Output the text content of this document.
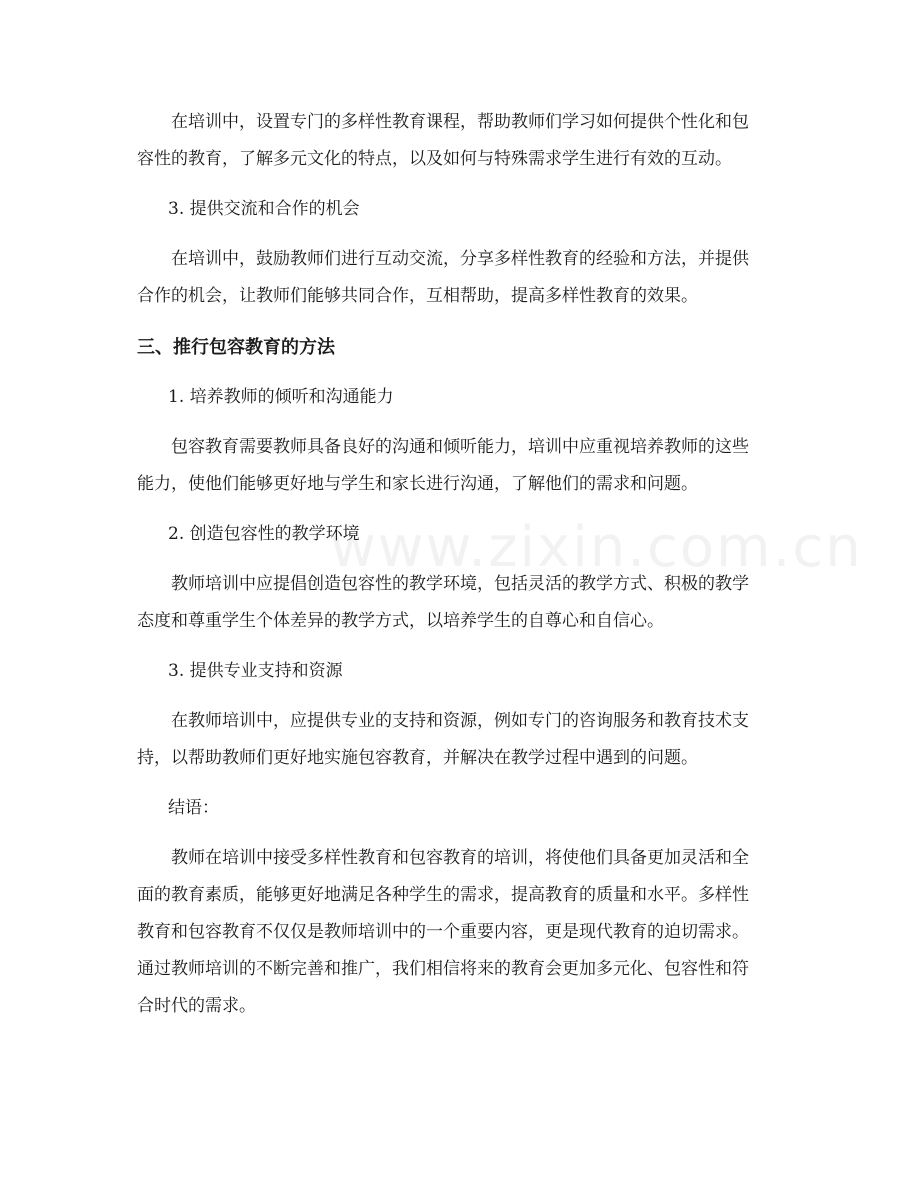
www.zixin.com.cn

在培训中，设置专门的多样性教育课程，帮助教师们学习如何提供个性化和包
容性的教育，了解多元文化的特点，以及如何与特殊需求学生进行有效的互动。

3. 提供交流和合作的机会

在培训中，鼓励教师们进行互动交流，分享多样性教育的经验和方法，并提供
合作的机会，让教师们能够共同合作，互相帮助，提高多样性教育的效果。

三、推行包容教育的方法

1. 培养教师的倾听和沟通能力

包容教育需要教师具备良好的沟通和倾听能力，培训中应重视培养教师的这些
能力，使他们能够更好地与学生和家长进行沟通，了解他们的需求和问题。

2. 创造包容性的教学环境

教师培训中应提倡创造包容性的教学环境，包括灵活的教学方式、积极的教学
态度和尊重学生个体差异的教学方式，以培养学生的自尊心和自信心。

3. 提供专业支持和资源

在教师培训中，应提供专业的支持和资源，例如专门的咨询服务和教育技术支
持，以帮助教师们更好地实施包容教育，并解决在教学过程中遇到的问题。

结语：

教师在培训中接受多样性教育和包容教育的培训，将使他们具备更加灵活和全
面的教育素质，能够更好地满足各种学生的需求，提高教育的质量和水平。多样性
教育和包容教育不仅仅是教师培训中的一个重要内容，更是现代教育的迫切需求。
通过教师培训的不断完善和推广，我们相信将来的教育会更加多元化、包容性和符
合时代的需求。
